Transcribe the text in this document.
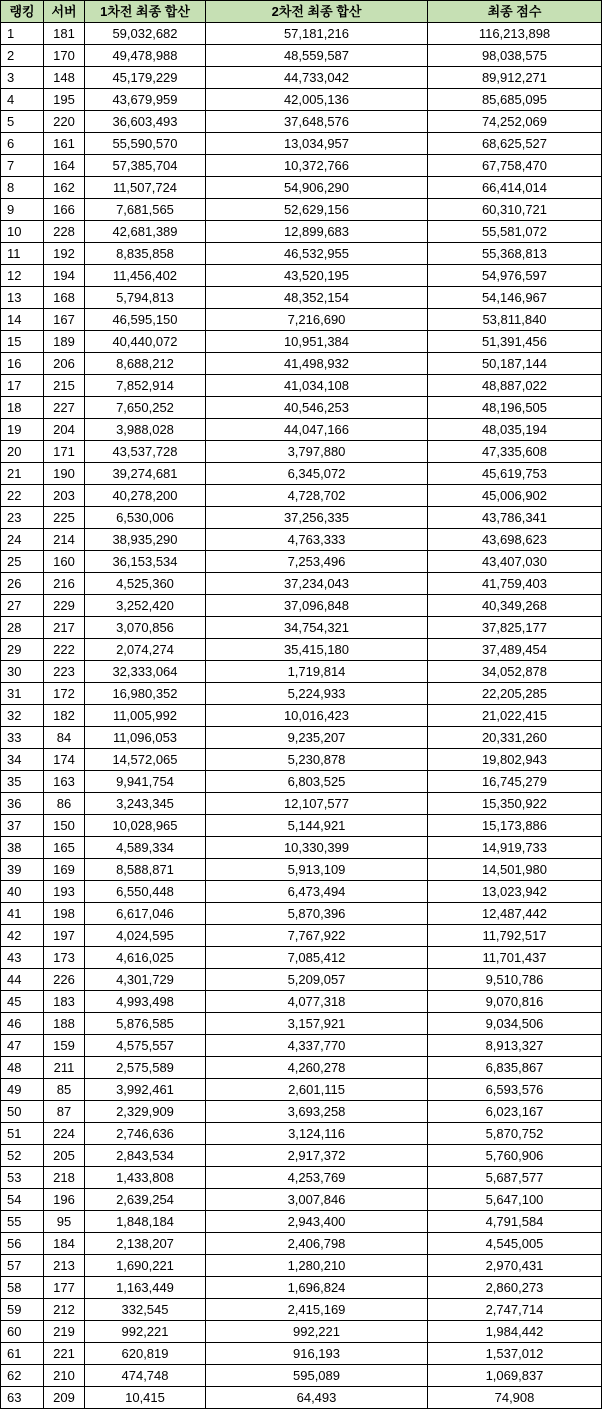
랭킹	서버	1차전 최종 합산	2차전 최종 합산	최종 점수
1	181	59,032,682	57,181,216	116,213,898
2	170	49,478,988	48,559,587	98,038,575
3	148	45,179,229	44,733,042	89,912,271
4	195	43,679,959	42,005,136	85,685,095
5	220	36,603,493	37,648,576	74,252,069
6	161	55,590,570	13,034,957	68,625,527
7	164	57,385,704	10,372,766	67,758,470
8	162	11,507,724	54,906,290	66,414,014
9	166	7,681,565	52,629,156	60,310,721
10	228	42,681,389	12,899,683	55,581,072
11	192	8,835,858	46,532,955	55,368,813
12	194	11,456,402	43,520,195	54,976,597
13	168	5,794,813	48,352,154	54,146,967
14	167	46,595,150	7,216,690	53,811,840
15	189	40,440,072	10,951,384	51,391,456
16	206	8,688,212	41,498,932	50,187,144
17	215	7,852,914	41,034,108	48,887,022
18	227	7,650,252	40,546,253	48,196,505
19	204	3,988,028	44,047,166	48,035,194
20	171	43,537,728	3,797,880	47,335,608
21	190	39,274,681	6,345,072	45,619,753
22	203	40,278,200	4,728,702	45,006,902
23	225	6,530,006	37,256,335	43,786,341
24	214	38,935,290	4,763,333	43,698,623
25	160	36,153,534	7,253,496	43,407,030
26	216	4,525,360	37,234,043	41,759,403
27	229	3,252,420	37,096,848	40,349,268
28	217	3,070,856	34,754,321	37,825,177
29	222	2,074,274	35,415,180	37,489,454
30	223	32,333,064	1,719,814	34,052,878
31	172	16,980,352	5,224,933	22,205,285
32	182	11,005,992	10,016,423	21,022,415
33	84	11,096,053	9,235,207	20,331,260
34	174	14,572,065	5,230,878	19,802,943
35	163	9,941,754	6,803,525	16,745,279
36	86	3,243,345	12,107,577	15,350,922
37	150	10,028,965	5,144,921	15,173,886
38	165	4,589,334	10,330,399	14,919,733
39	169	8,588,871	5,913,109	14,501,980
40	193	6,550,448	6,473,494	13,023,942
41	198	6,617,046	5,870,396	12,487,442
42	197	4,024,595	7,767,922	11,792,517
43	173	4,616,025	7,085,412	11,701,437
44	226	4,301,729	5,209,057	9,510,786
45	183	4,993,498	4,077,318	9,070,816
46	188	5,876,585	3,157,921	9,034,506
47	159	4,575,557	4,337,770	8,913,327
48	211	2,575,589	4,260,278	6,835,867
49	85	3,992,461	2,601,115	6,593,576
50	87	2,329,909	3,693,258	6,023,167
51	224	2,746,636	3,124,116	5,870,752
52	205	2,843,534	2,917,372	5,760,906
53	218	1,433,808	4,253,769	5,687,577
54	196	2,639,254	3,007,846	5,647,100
55	95	1,848,184	2,943,400	4,791,584
56	184	2,138,207	2,406,798	4,545,005
57	213	1,690,221	1,280,210	2,970,431
58	177	1,163,449	1,696,824	2,860,273
59	212	332,545	2,415,169	2,747,714
60	219	992,221	992,221	1,984,442
61	221	620,819	916,193	1,537,012
62	210	474,748	595,089	1,069,837
63	209	10,415	64,493	74,908
